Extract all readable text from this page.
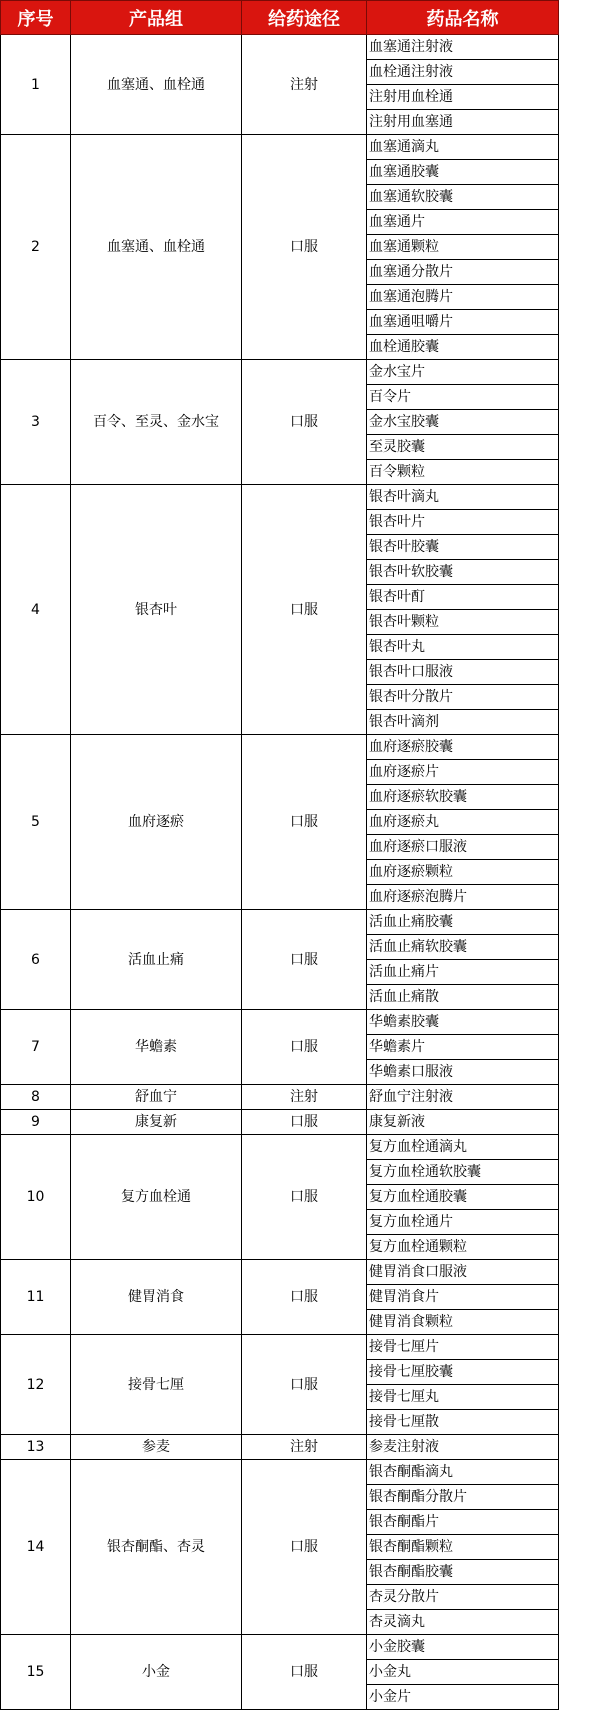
序号	产品组	给药途径	药品名称
1	血塞通、血栓通	注射	血塞通注射液
			血栓通注射液
			注射用血栓通
			注射用血塞通
2	血塞通、血栓通	口服	血塞通滴丸
			血塞通胶囊
			血塞通软胶囊
			血塞通片
			血塞通颗粒
			血塞通分散片
			血塞通泡腾片
			血塞通咀嚼片
			血栓通胶囊
3	百令、至灵、金水宝	口服	金水宝片
			百令片
			金水宝胶囊
			至灵胶囊
			百令颗粒
4	银杏叶	口服	银杏叶滴丸
			银杏叶片
			银杏叶胶囊
			银杏叶软胶囊
			银杏叶酊
			银杏叶颗粒
			银杏叶丸
			银杏叶口服液
			银杏叶分散片
			银杏叶滴剂
5	血府逐瘀	口服	血府逐瘀胶囊
			血府逐瘀片
			血府逐瘀软胶囊
			血府逐瘀丸
			血府逐瘀口服液
			血府逐瘀颗粒
			血府逐瘀泡腾片
6	活血止痛	口服	活血止痛胶囊
			活血止痛软胶囊
			活血止痛片
			活血止痛散
7	华蟾素	口服	华蟾素胶囊
			华蟾素片
			华蟾素口服液
8	舒血宁	注射	舒血宁注射液
9	康复新	口服	康复新液
10	复方血栓通	口服	复方血栓通滴丸
			复方血栓通软胶囊
			复方血栓通胶囊
			复方血栓通片
			复方血栓通颗粒
11	健胃消食	口服	健胃消食口服液
			健胃消食片
			健胃消食颗粒
12	接骨七厘	口服	接骨七厘片
			接骨七厘胶囊
			接骨七厘丸
			接骨七厘散
13	参麦	注射	参麦注射液
14	银杏酮酯、杏灵	口服	银杏酮酯滴丸
			银杏酮酯分散片
			银杏酮酯片
			银杏酮酯颗粒
			银杏酮酯胶囊
			杏灵分散片
			杏灵滴丸
15	小金	口服	小金胶囊
			小金丸
			小金片
